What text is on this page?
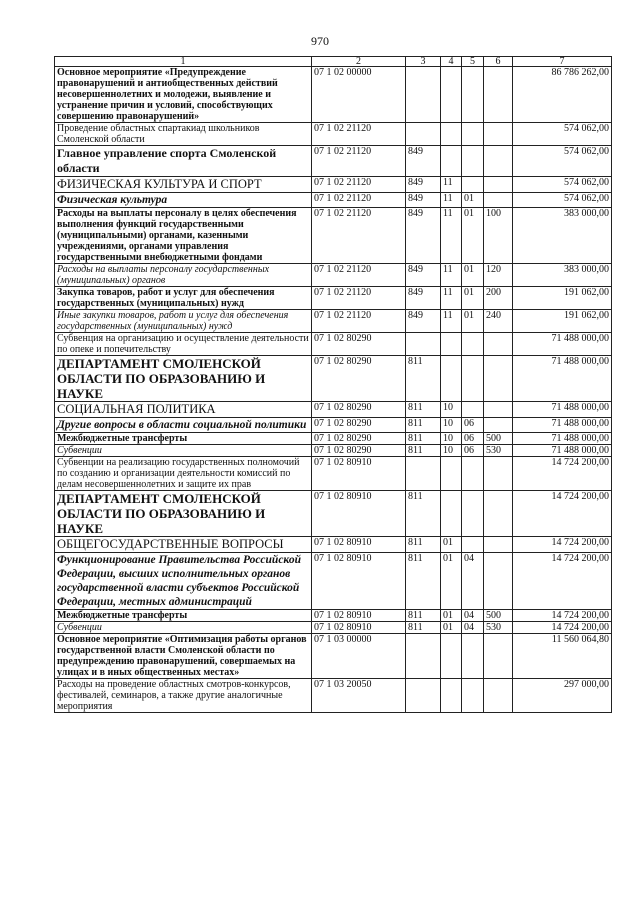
970
1	2	3	4	5	6	7
Основное мероприятие «Предупреждение правонарушений и антиобщественных действий несовершеннолетних и молодежи, выявление и устранение причин и условий, способствующих совершению правонарушений»	07 1 02 00000					86 786 262,00
Проведение областных спартакиад школьников Смоленской области	07 1 02 21120					574 062,00
Главное управление спорта Смоленской области	07 1 02 21120	849				574 062,00
ФИЗИЧЕСКАЯ КУЛЬТУРА И СПОРТ	07 1 02 21120	849	11			574 062,00
Физическая культура	07 1 02 21120	849	11	01		574 062,00
Расходы на выплаты персоналу в целях обеспечения выполнения функций государственными (муниципальными) органами, казенными учреждениями, органами управления государственными внебюджетными фондами	07 1 02 21120	849	11	01	100	383 000,00
Расходы на выплаты персоналу государственных (муниципальных) органов	07 1 02 21120	849	11	01	120	383 000,00
Закупка товаров, работ и услуг для обеспечения государственных (муниципальных) нужд	07 1 02 21120	849	11	01	200	191 062,00
Иные закупки товаров, работ и услуг для обеспечения государственных (муниципальных) нужд	07 1 02 21120	849	11	01	240	191 062,00
Субвенция на организацию и осуществление деятельности по опеке и попечительству	07 1 02 80290					71 488 000,00
ДЕПАРТАМЕНТ СМОЛЕНСКОЙ ОБЛАСТИ ПО ОБРАЗОВАНИЮ И НАУКЕ	07 1 02 80290	811				71 488 000,00
СОЦИАЛЬНАЯ ПОЛИТИКА	07 1 02 80290	811	10			71 488 000,00
Другие вопросы в области социальной политики	07 1 02 80290	811	10	06		71 488 000,00
Межбюджетные трансферты	07 1 02 80290	811	10	06	500	71 488 000,00
Субвенции	07 1 02 80290	811	10	06	530	71 488 000,00
Субвенции на реализацию государственных полномочий по созданию и организации деятельности комиссий по делам несовершеннолетних и защите их прав	07 1 02 80910					14 724 200,00
ДЕПАРТАМЕНТ СМОЛЕНСКОЙ ОБЛАСТИ ПО ОБРАЗОВАНИЮ И НАУКЕ	07 1 02 80910	811				14 724 200,00
ОБЩЕГОСУДАРСТВЕННЫЕ ВОПРОСЫ	07 1 02 80910	811	01			14 724 200,00
Функционирование Правительства Российской Федерации, высших исполнительных органов государственной власти субъектов Российской Федерации, местных администраций	07 1 02 80910	811	01	04		14 724 200,00
Межбюджетные трансферты	07 1 02 80910	811	01	04	500	14 724 200,00
Субвенции	07 1 02 80910	811	01	04	530	14 724 200,00
Основное мероприятие «Оптимизация работы органов государственной власти Смоленской области по предупреждению правонарушений, совершаемых на улицах и в иных общественных местах»	07 1 03 00000					11 560 064,80
Расходы на проведение областных смотров-конкурсов, фестивалей, семинаров, а также другие аналогичные мероприятия	07 1 03 20050					297 000,00
